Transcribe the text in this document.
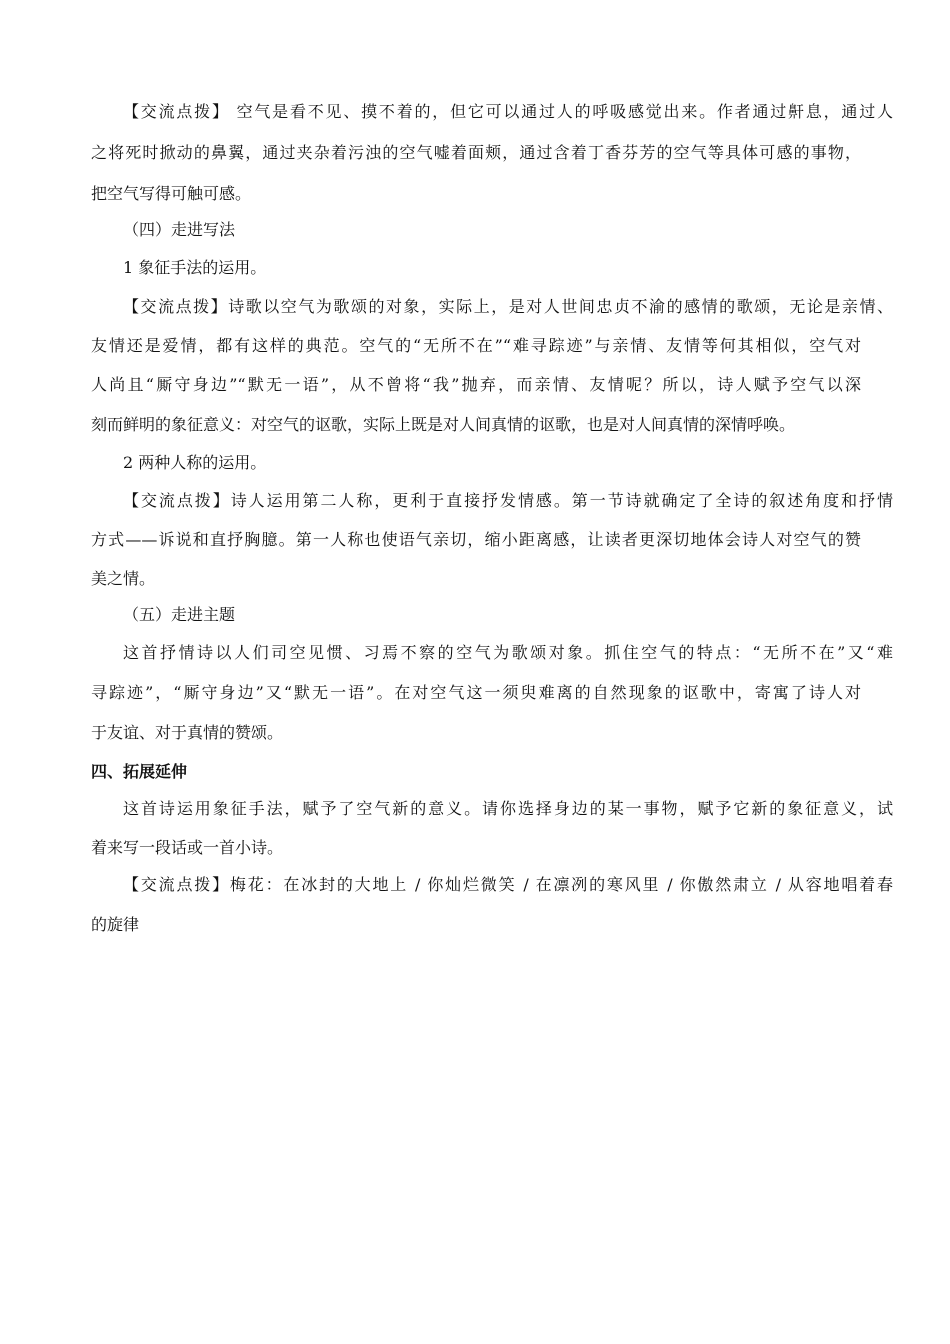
【交流点拨】 空气是看不见、摸不着的，但它可以通过人的呼吸感觉出来。作者通过鼾息，通过人
之将死时掀动的鼻翼，通过夹杂着污浊的空气嘘着面颊，通过含着丁香芬芳的空气等具体可感的事物，
把空气写得可触可感。
（四）走进写法
1 象征手法的运用。
【交流点拨】诗歌以空气为歌颂的对象，实际上，是对人世间忠贞不渝的感情的歌颂，无论是亲情、
友情还是爱情，都有这样的典范。空气的“无所不在”“难寻踪迹”与亲情、友情等何其相似，空气对
人尚且“厮守身边”“默无一语”，从不曾将“我”抛弃，而亲情、友情呢？所以，诗人赋予空气以深
刻而鲜明的象征意义：对空气的讴歌，实际上既是对人间真情的讴歌，也是对人间真情的深情呼唤。
2 两种人称的运用。
【交流点拨】诗人运用第二人称，更利于直接抒发情感。第一节诗就确定了全诗的叙述角度和抒情
方式——诉说和直抒胸臆。第一人称也使语气亲切，缩小距离感，让读者更深切地体会诗人对空气的赞
美之情。
（五）走进主题
这首抒情诗以人们司空见惯、习焉不察的空气为歌颂对象。抓住空气的特点：“无所不在”又“难
寻踪迹”，“厮守身边”又“默无一语”。在对空气这一须臾难离的自然现象的讴歌中，寄寓了诗人对
于友谊、对于真情的赞颂。
四、拓展延伸
这首诗运用象征手法，赋予了空气新的意义。请你选择身边的某一事物，赋予它新的象征意义，试
着来写一段话或一首小诗。
【交流点拨】梅花：在冰封的大地上 / 你灿烂微笑 / 在凛冽的寒风里 / 你傲然肃立 / 从容地唱着春
的旋律
